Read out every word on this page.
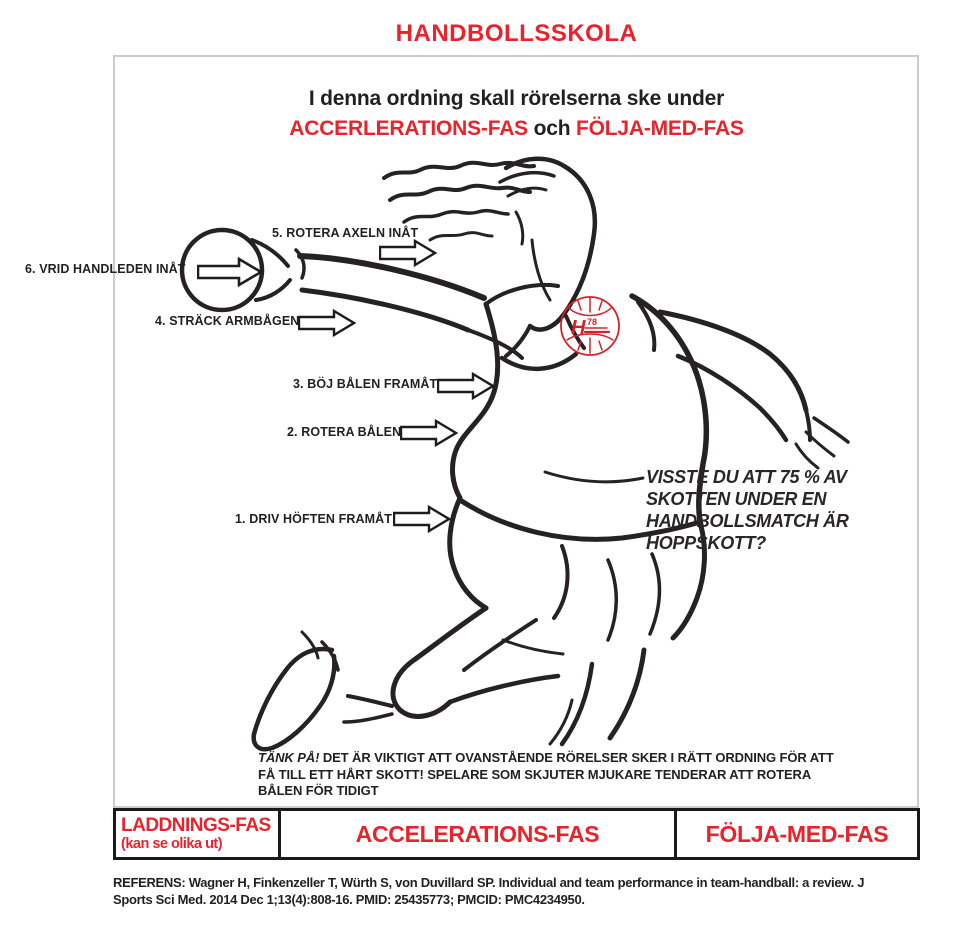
HANDBOLLSSKOLA
I denna ordning skall rörelserna ske under
ACCERLERATIONS-FAS och FÖLJA-MED-FAS
H 78
1. DRIV HÖFTEN FRAMÅT
2. ROTERA BÅLEN
3. BÖJ BÅLEN FRAMÅT
4. STRÄCK ARMBÅGEN
5. ROTERA AXELN INÅT
6. VRID HANDLEDEN INÅT
VISSTE DU ATT 75 % AV
SKOTTEN UNDER EN
HANDBOLLSMATCH ÄR
HOPPSKOTT?
TÄNK PÅ! DET ÄR VIKTIGT ATT OVANSTÅENDE RÖRELSER SKER I RÄTT ORDNING FÖR ATT FÅ TILL ETT HÅRT SKOTT! SPELARE SOM SKJUTER MJUKARE TENDERAR ATT ROTERA BÅLEN FÖR TIDIGT
LADDNINGS-FAS
(kan se olika ut)	ACCELERATIONS-FAS	FÖLJA-MED-FAS
REFERENS: Wagner H, Finkenzeller T, Würth S, von Duvillard SP. Individual and team performance in team-handball: a review. J Sports Sci Med. 2014 Dec 1;13(4):808-16. PMID: 25435773; PMCID: PMC4234950.
